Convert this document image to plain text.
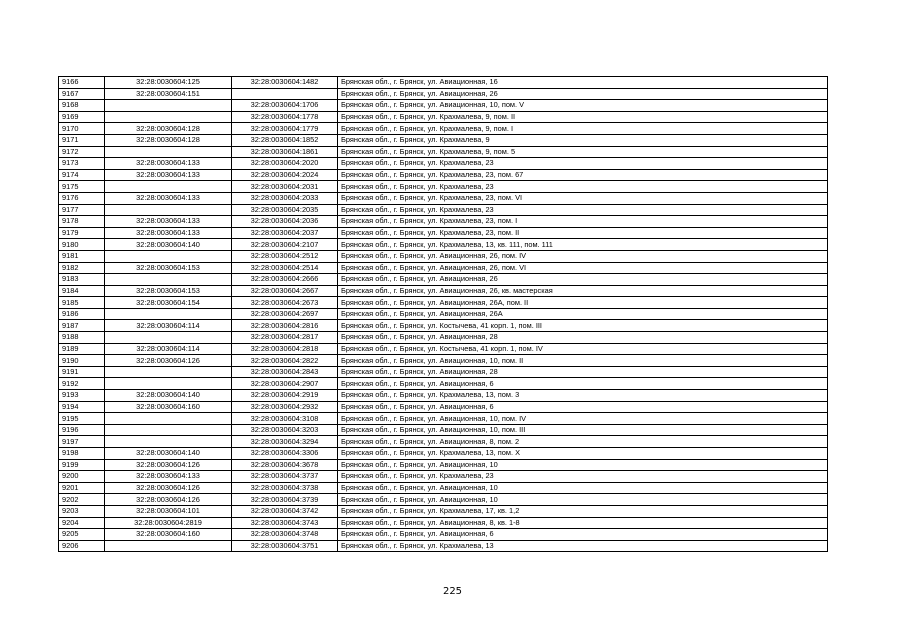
9166	32:28:0030604:125	32:28:0030604:1482	Брянская обл., г. Брянск, ул. Авиационная, 16
9167	32:28:0030604:151		Брянская обл., г. Брянск, ул. Авиационная, 26
9168		32:28:0030604:1706	Брянская обл., г. Брянск, ул. Авиационная, 10, пом. V
9169		32:28:0030604:1778	Брянская обл., г. Брянск, ул. Крахмалева, 9, пом. II
9170	32:28:0030604:128	32:28:0030604:1779	Брянская обл., г. Брянск, ул. Крахмалева, 9, пом. I
9171	32:28:0030604:128	32:28:0030604:1852	Брянская обл., г. Брянск, ул. Крахмалева, 9
9172		32:28:0030604:1861	Брянская обл., г. Брянск, ул. Крахмалева, 9, пом. 5
9173	32:28:0030604:133	32:28:0030604:2020	Брянская обл., г. Брянск, ул. Крахмалева, 23
9174	32:28:0030604:133	32:28:0030604:2024	Брянская обл., г. Брянск, ул. Крахмалева, 23, пом. 67
9175		32:28:0030604:2031	Брянская обл., г. Брянск, ул. Крахмалева, 23
9176	32:28:0030604:133	32:28:0030604:2033	Брянская обл., г. Брянск, ул. Крахмалева, 23, пом. VI
9177		32:28:0030604:2035	Брянская обл., г. Брянск, ул. Крахмалева, 23
9178	32:28:0030604:133	32:28:0030604:2036	Брянская обл., г. Брянск, ул. Крахмалева, 23, пом. I
9179	32:28:0030604:133	32:28:0030604:2037	Брянская обл., г. Брянск, ул. Крахмалева, 23, пом. II
9180	32:28:0030604:140	32:28:0030604:2107	Брянская обл., г. Брянск, ул. Крахмалева, 13, кв. 111, пом. 111
9181		32:28:0030604:2512	Брянская обл., г. Брянск, ул. Авиационная, 26, пом. IV
9182	32:28:0030604:153	32:28:0030604:2514	Брянская обл., г. Брянск, ул. Авиационная, 26, пом. VI
9183		32:28:0030604:2666	Брянская обл., г. Брянск, ул. Авиационная, 26
9184	32:28:0030604:153	32:28:0030604:2667	Брянская обл., г. Брянск, ул. Авиационная, 26, кв. мастерская
9185	32:28:0030604:154	32:28:0030604:2673	Брянская обл., г. Брянск, ул. Авиационная, 26А, пом. II
9186		32:28:0030604:2697	Брянская обл., г. Брянск, ул. Авиационная, 26А
9187	32:28:0030604:114	32:28:0030604:2816	Брянская обл., г. Брянск, ул. Костычева, 41 корп. 1, пом. III
9188		32:28:0030604:2817	Брянская обл., г. Брянск, ул. Авиационная, 28
9189	32:28:0030604:114	32:28:0030604:2818	Брянская обл., г. Брянск, ул. Костычева, 41 корп. 1, пом. IV
9190	32:28:0030604:126	32:28:0030604:2822	Брянская обл., г. Брянск, ул. Авиационная, 10, пом. II
9191		32:28:0030604:2843	Брянская обл., г. Брянск, ул. Авиационная, 28
9192		32:28:0030604:2907	Брянская обл., г. Брянск, ул. Авиационная, 6
9193	32:28:0030604:140	32:28:0030604:2919	Брянская обл., г. Брянск, ул. Крахмалева, 13, пом. 3
9194	32:28:0030604:160	32:28:0030604:2932	Брянская обл., г. Брянск, ул. Авиационная, 6
9195		32:28:0030604:3108	Брянская обл., г. Брянск, ул. Авиационная, 10, пом. IV
9196		32:28:0030604:3203	Брянская обл., г. Брянск, ул. Авиационная, 10, пом. III
9197		32:28:0030604:3294	Брянская обл., г. Брянск, ул. Авиационная, 8, пом. 2
9198	32:28:0030604:140	32:28:0030604:3306	Брянская обл., г. Брянск, ул. Крахмалева, 13, пом. X
9199	32:28:0030604:126	32:28:0030604:3678	Брянская обл., г. Брянск, ул. Авиационная, 10
9200	32:28:0030604:133	32:28:0030604:3737	Брянская обл., г. Брянск, ул. Крахмалева, 23
9201	32:28:0030604:126	32:28:0030604:3738	Брянская обл., г. Брянск, ул. Авиационная, 10
9202	32:28:0030604:126	32:28:0030604:3739	Брянская обл., г. Брянск, ул. Авиационная, 10
9203	32:28:0030604:101	32:28:0030604:3742	Брянская обл., г. Брянск, ул. Крахмалева, 17, кв. 1,2
9204	32:28:0030604:2819	32:28:0030604:3743	Брянская обл., г. Брянск, ул. Авиационная, 8, кв. 1-8
9205	32:28:0030604:160	32:28:0030604:3748	Брянская обл., г. Брянск, ул. Авиационная, 6
9206		32:28:0030604:3751	Брянская обл., г. Брянск, ул. Крахмалева, 13
225
